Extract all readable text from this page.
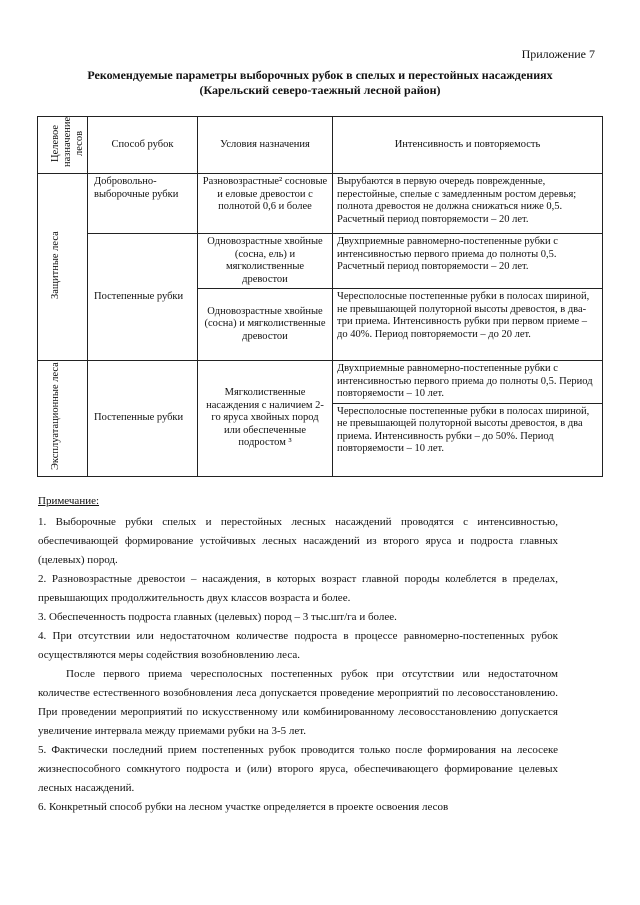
Приложение 7
Рекомендуемые параметры выборочных рубок в спелых и перестойных насаждениях
(Карельский северо-таежный лесной район)
Целевое назначение лесов	Способ рубок	Условия назначения	Интенсивность и повторяемость
Защитные леса	Добровольно-выборочные рубки	Разновозрастные² сосновые и еловые древостои с полнотой 0,6 и более	Вырубаются в первую очередь поврежденные, перестойные, спелые с замедленным ростом деревья; полнота древостоя не должна снижаться ниже 0,5. Расчетный период повторяемости – 20 лет.
	Постепенные рубки	Одновозрастные хвойные (сосна, ель) и мягколиственные древостои	Двухприемные равномерно-постепенные рубки с интенсивностью первого приема до полноты 0,5. Расчетный период повторяемости – 20 лет.
		Одновозрастные хвойные (сосна) и мягколиственные древостои	Чересполосные постепенные рубки в полосах шириной, не превышающей полуторной высоты древостоя, в два-три приема. Интенсивность рубки при первом приеме – до 40%. Период повторяемости – до 20 лет.
Эксплуатационные леса	Постепенные рубки	Мягколиственные насаждения с наличием 2-го яруса хвойных пород или обеспеченные подростом ³	Двухприемные равномерно-постепенные рубки с интенсивностью первого приема до полноты 0,5. Период повторяемости – 10 лет.
			Чересполосные постепенные рубки в полосах шириной, не превышающей полуторной высоты древостоя, в два приема. Интенсивность рубки – до 50%. Период повторяемости – 10 лет.

Примечание:

1. Выборочные рубки спелых и перестойных лесных насаждений проводятся с интенсивностью, обеспечивающей формирование устойчивых лесных насаждений из второго яруса и подроста главных (целевых) пород.

2. Разновозрастные древостои – насаждения, в которых возраст главной породы колеблется в пределах, превышающих продолжительность двух классов возраста и более.

3. Обеспеченность подроста главных (целевых) пород – 3 тыс.шт/га и более.

4. При отсутствии или недостаточном количестве подроста в процессе равномерно-постепенных рубок осуществляются меры содействия возобновлению леса.

После первого приема чересполосных постепенных рубок при отсутствии или недостаточном количестве естественного возобновления леса допускается проведение мероприятий по лесовосстановлению. При проведении мероприятий по искусственному или комбинированному лесовосстановлению допускается увеличение интервала между приемами рубки на 3-5 лет.

5. Фактически последний прием постепенных рубок проводится только после формирования на лесосеке жизнеспособного сомкнутого подроста и (или) второго яруса, обеспечивающего формирование целевых лесных насаждений.

6. Конкретный способ рубки на лесном участке определяется в проекте освоения лесов
